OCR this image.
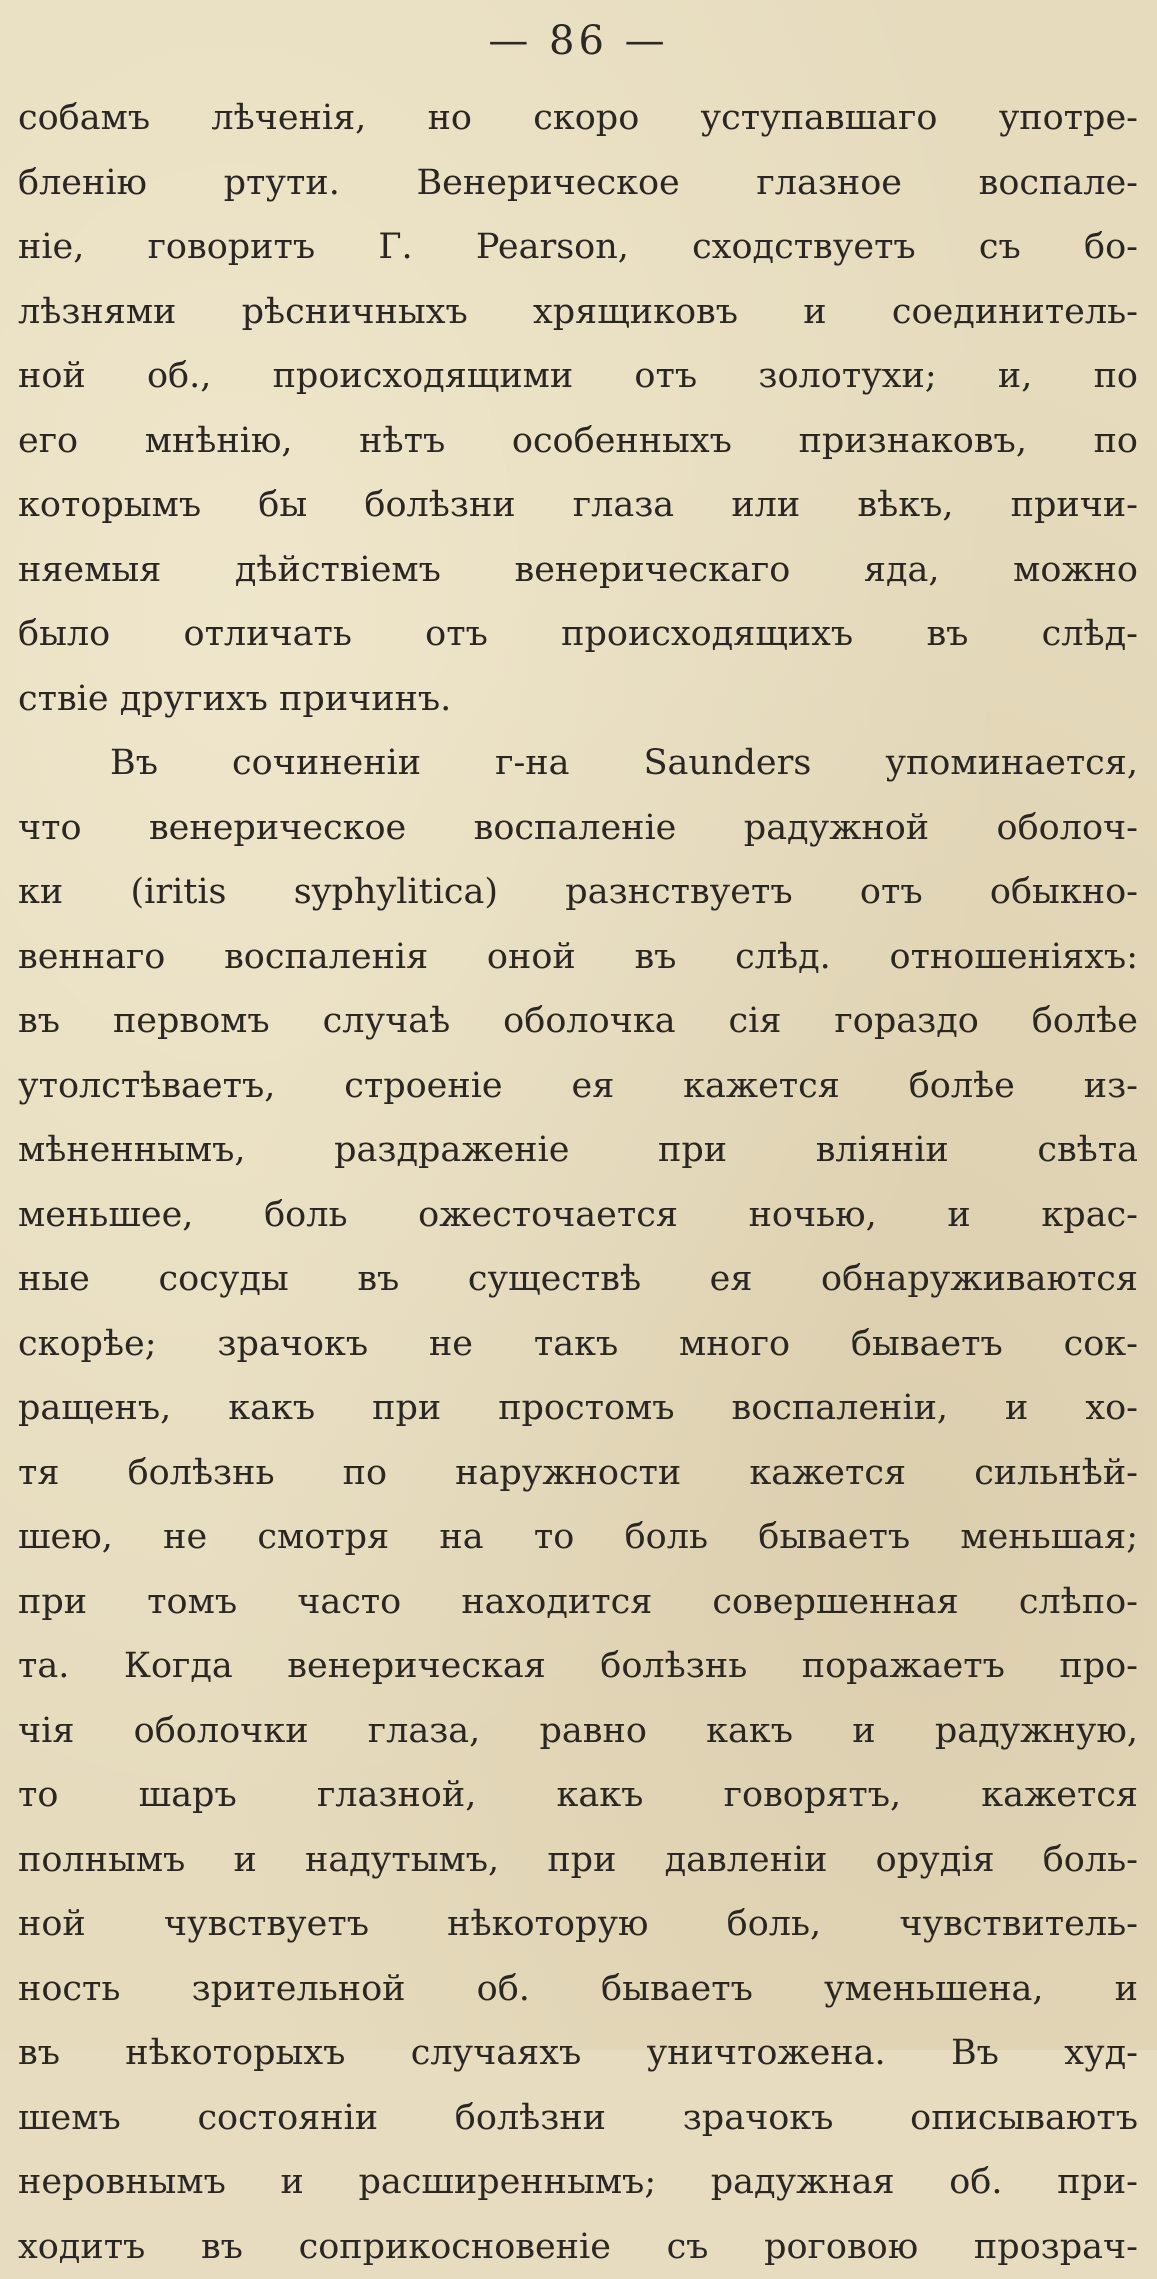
— 86 —
собамъ лѣченія, но скоро уступавшаго употре-
бленію ртути. Венерическое глазное воспале-
ніе, говоритъ Г. Pearson, сходствуетъ съ бо-
лѣзнями рѣсничныхъ хрящиковъ и соединитель-
ной об., происходящими отъ золотухи; и, по
его мнѣнію, нѣтъ особенныхъ признаковъ, по
которымъ бы болѣзни глаза или вѣкъ, причи-
няемыя дѣйствіемъ венерическаго яда, можно
было отличать отъ происходящихъ въ слѣд-
ствіе другихъ причинъ.
Въ сочиненіи г-на Saunders упоминается,
что венерическое воспаленіе радужной оболоч-
ки (iritis syphylitica) разнствуетъ отъ обыкно-
веннаго воспаленія оной въ слѣд. отношеніяхъ:
въ первомъ случаѣ оболочка сія гораздо болѣе
утолстѣваетъ, строеніе ея кажется болѣе из-
мѣненнымъ, раздраженіе при вліяніи свѣта
меньшее, боль ожесточается ночью, и крас-
ные сосуды въ существѣ ея обнаруживаются
скорѣе; зрачокъ не такъ много бываетъ сок-
ращенъ, какъ при простомъ воспаленіи, и хо-
тя болѣзнь по наружности кажется сильнѣй-
шею, не смотря на то боль бываетъ меньшая;
при томъ часто находится совершенная слѣпо-
та. Когда венерическая болѣзнь поражаетъ про-
чія оболочки глаза, равно какъ и радужную,
то шаръ глазной, какъ говорятъ, кажется
полнымъ и надутымъ, при давленіи орудія боль-
ной чувствуетъ нѣкоторую боль, чувствитель-
ность зрительной об. бываетъ уменьшена, и
въ нѣкоторыхъ случаяхъ уничтожена. Въ худ-
шемъ состояніи болѣзни зрачокъ описываютъ
неровнымъ и расширеннымъ; радужная об. при-
ходитъ въ соприкосновеніе съ роговою прозрач-
